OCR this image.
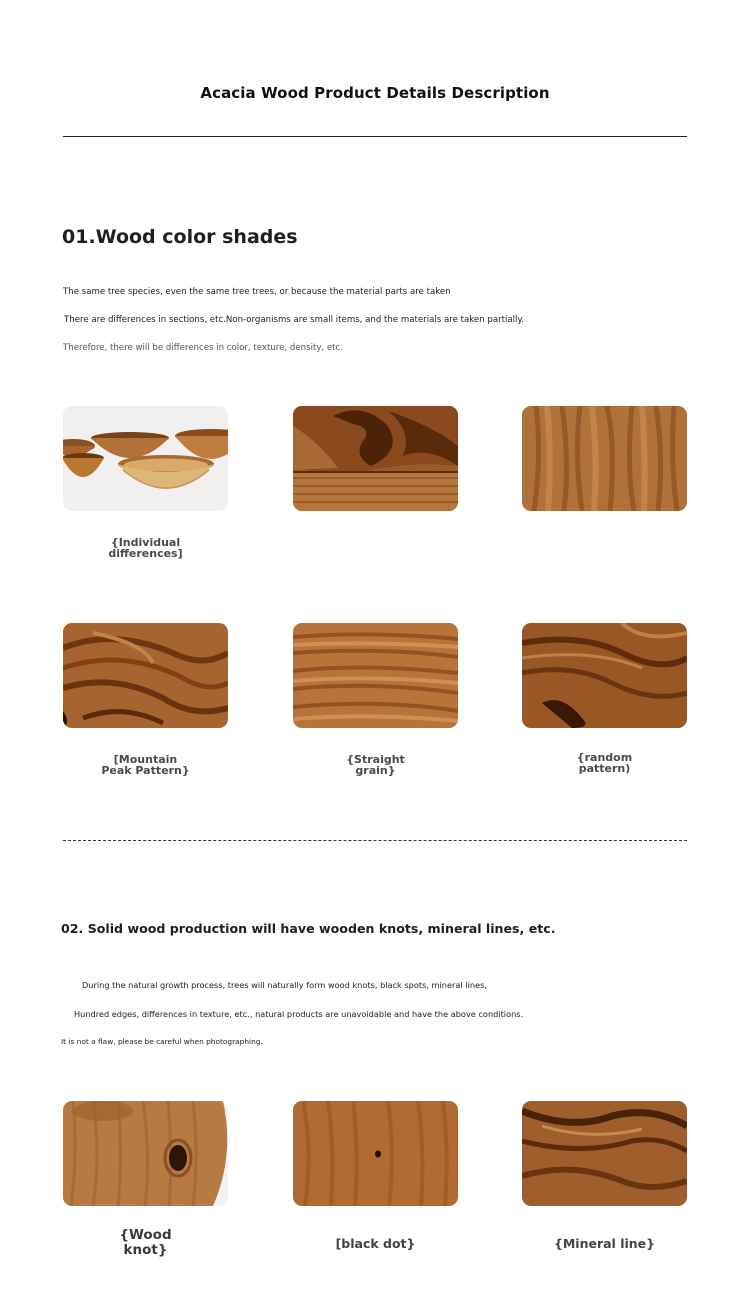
Acacia Wood Product Details Description
01.Wood color shades
The same tree species, even the same tree trees, or because the material parts are taken
There are differences in sections, etc.Non-organisms are small items, and the materials are taken partially.
Therefore, there will be differences in color, texture, density, etc.
{Individual
differences]
[Mountain
Peak Pattern}
{Straight
grain}
{random
pattern)
02. Solid wood production will have wooden knots, mineral lines, etc.
During the natural growth process, trees will naturally form wood knots, black spots, mineral lines,
Hundred edges, differences in texture, etc., natural products are unavoidable and have the above conditions.
It is not a flaw, please be careful when photographing.
{Wood
knot}	[black dot}	{Mineral line}
